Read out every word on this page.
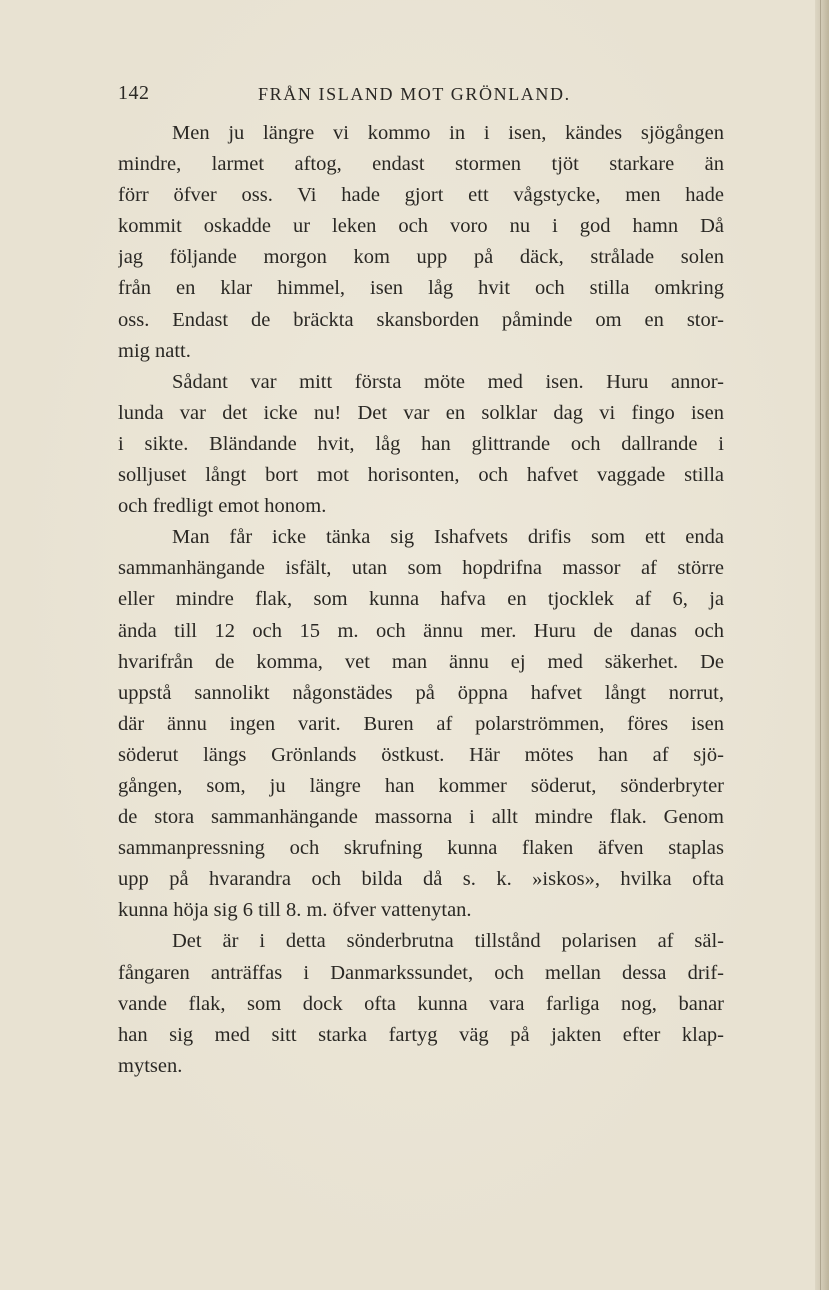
142	FRÅN ISLAND MOT GRÖNLAND.
Men ju längre vi kommo in i isen, kändes sjögången
mindre, larmet aftog, endast stormen tjöt starkare än
förr öfver oss. Vi hade gjort ett vågstycke, men hade
kommit oskadde ur leken och voro nu i god hamn Då
jag följande morgon kom upp på däck, strålade solen
från en klar himmel, isen låg hvit och stilla omkring
oss. Endast de bräckta skansborden påminde om en stor-
mig natt.
Sådant var mitt första möte med isen. Huru annor-
lunda var det icke nu! Det var en solklar dag vi fingo isen
i sikte. Bländande hvit, låg han glittrande och dallrande i
solljuset långt bort mot horisonten, och hafvet vaggade stilla
och fredligt emot honom.
Man får icke tänka sig Ishafvets drifis som ett enda
sammanhängande isfält, utan som hopdrifna massor af större
eller mindre flak, som kunna hafva en tjocklek af 6, ja
ända till 12 och 15 m. och ännu mer. Huru de danas och
hvarifrån de komma, vet man ännu ej med säkerhet. De
uppstå sannolikt någonstädes på öppna hafvet långt norrut,
där ännu ingen varit. Buren af polarströmmen, föres isen
söderut längs Grönlands östkust. Här mötes han af sjö-
gången, som, ju längre han kommer söderut, sönderbryter
de stora sammanhängande massorna i allt mindre flak. Genom
sammanpressning och skrufning kunna flaken äfven staplas
upp på hvarandra och bilda då s. k. »iskos», hvilka ofta
kunna höja sig 6 till 8. m. öfver vattenytan.
Det är i detta sönderbrutna tillstånd polarisen af säl-
fångaren anträffas i Danmarkssundet, och mellan dessa drif-
vande flak, som dock ofta kunna vara farliga nog, banar
han sig med sitt starka fartyg väg på jakten efter klap-
mytsen.
